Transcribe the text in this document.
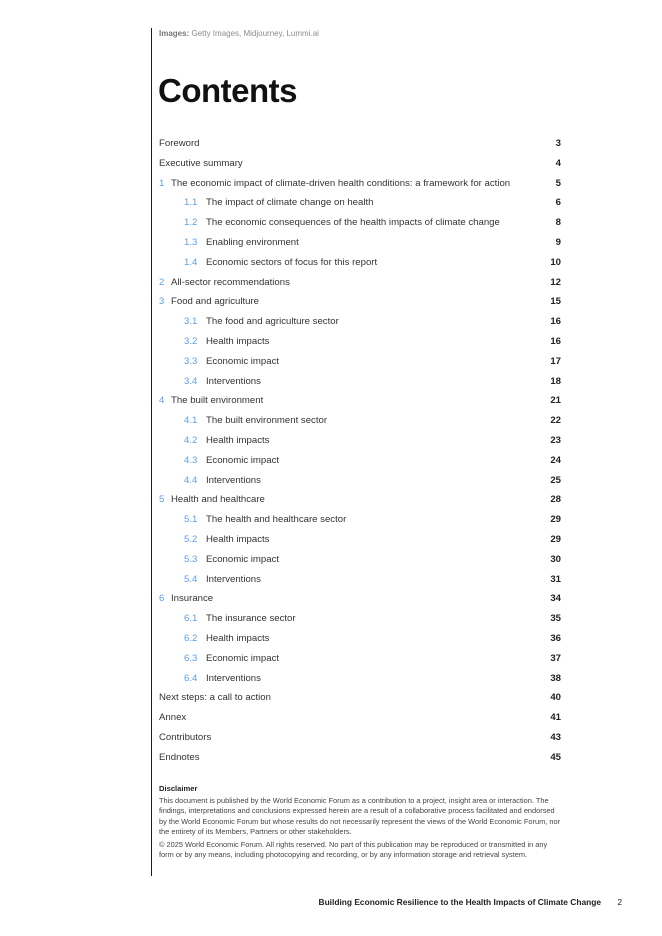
Images: Getty Images, Midjourney, Lummi.ai
Contents
Foreword	3
Executive summary	4
1 The economic impact of climate-driven health conditions: a framework for action	5
1.1 The impact of climate change on health	6
1.2 The economic consequences of the health impacts of climate change	8
1.3 Enabling environment	9
1.4 Economic sectors of focus for this report	10
2 All-sector recommendations	12
3 Food and agriculture	15
3.1 The food and agriculture sector	16
3.2 Health impacts	16
3.3 Economic impact	17
3.4 Interventions	18
4 The built environment	21
4.1 The built environment sector	22
4.2 Health impacts	23
4.3 Economic impact	24
4.4 Interventions	25
5 Health and healthcare	28
5.1 The health and healthcare sector	29
5.2 Health impacts	29
5.3 Economic impact	30
5.4 Interventions	31
6 Insurance	34
6.1 The insurance sector	35
6.2 Health impacts	36
6.3 Economic impact	37
6.4 Interventions	38
Next steps: a call to action	40
Annex	41
Contributors	43
Endnotes	45
Disclaimer

This document is published by the World Economic Forum as a contribution to a project, insight area or interaction. The findings, interpretations and conclusions expressed herein are a result of a collaborative process facilitated and endorsed by the World Economic Forum but whose results do not necessarily represent the views of the World Economic Forum, nor the entirety of its Members, Partners or other stakeholders.

© 2025 World Economic Forum. All rights reserved. No part of this publication may be reproduced or transmitted in any form or by any means, including photocopying and recording, or by any information storage and retrieval system.

Building Economic Resilience to the Health Impacts of Climate Change 2
